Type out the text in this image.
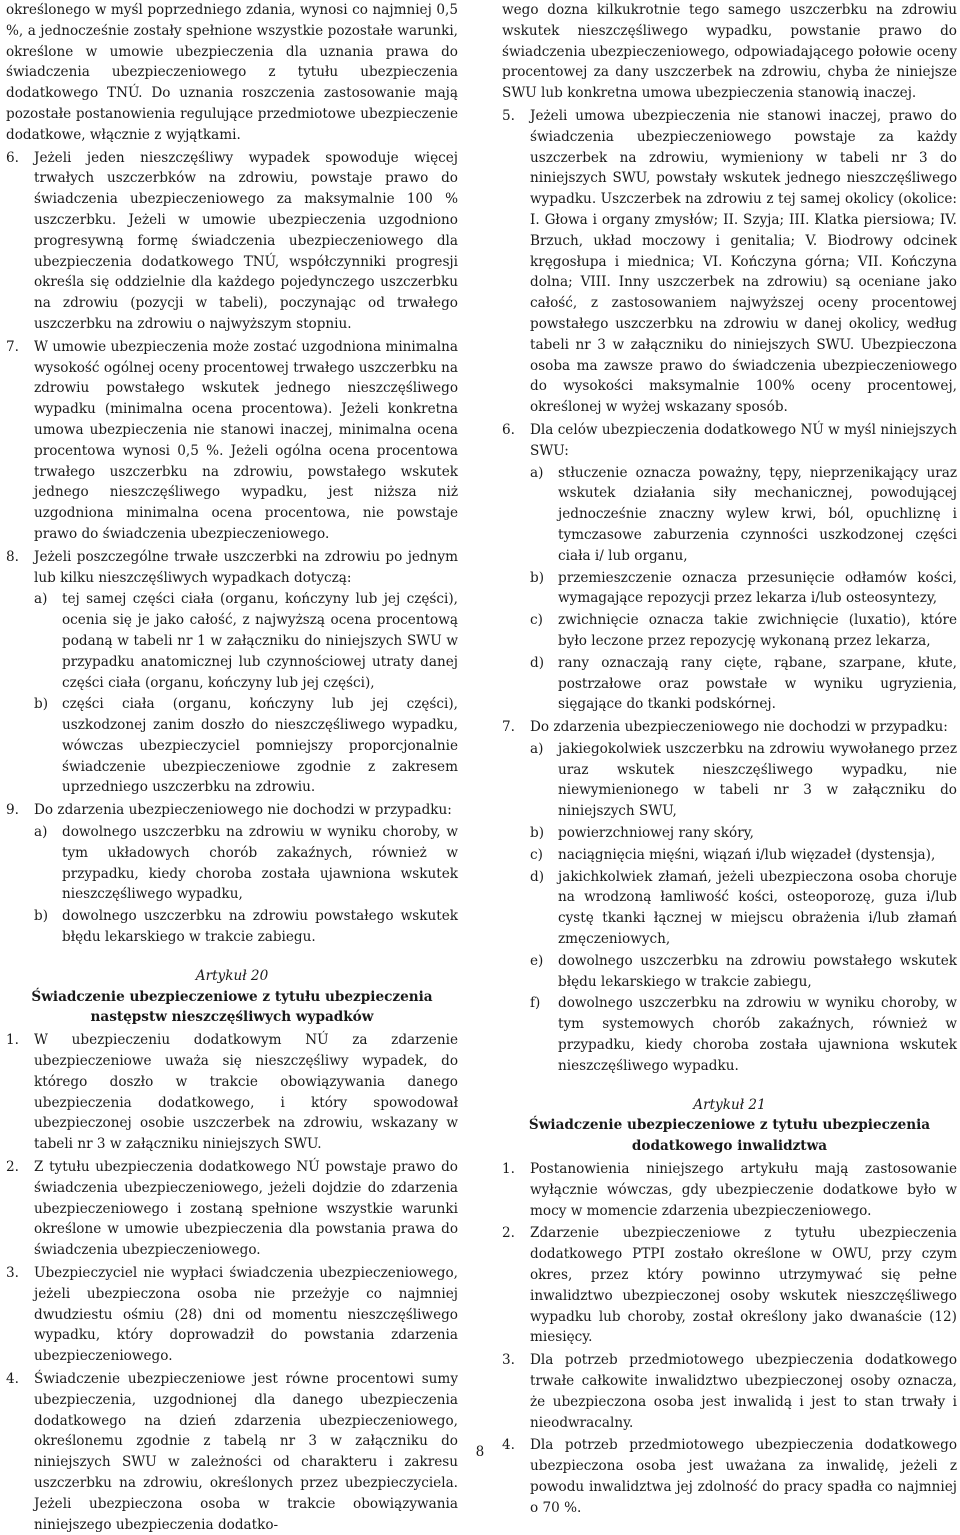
określonego w myśl poprzedniego zdania, wynosi co najmniej 0,5 %, a jednocześnie zostały spełnione wszystkie pozostałe warunki, określone w umowie ubezpieczenia dla uznania prawa do świadczenia ubezpieczeniowego z tytułu ubezpieczenia dodatkowego TNÚ. Do uznania roszczenia zastosowanie mają pozostałe postanowienia regulujące przedmiotowe ubezpieczenie dodatkowe, włącznie z wyjątkami.

6.	Jeżeli jeden nieszczęśliwy wypadek spowoduje więcej trwałych uszczerbków na zdrowiu, powstaje prawo do świadczenia ubezpieczeniowego za maksymalnie 100 % uszczerbku. Jeżeli w umowie ubezpieczenia uzgodniono progresywną formę świadczenia ubezpieczeniowego dla ubezpieczenia dodatkowego TNÚ, współczynniki progresji określa się oddzielnie dla każdego pojedynczego uszczerbku na zdrowiu (pozycji w tabeli), poczynając od trwałego uszczerbku na zdrowiu o najwyższym stopniu.
7.	W umowie ubezpieczenia może zostać uzgodniona minimalna wysokość ogólnej oceny procentowej trwałego uszczerbku na zdrowiu powstałego wskutek jednego nieszczęśliwego wypadku (minimalna ocena procentowa). Jeżeli konkretna umowa ubezpieczenia nie stanowi inaczej, minimalna ocena procentowa wynosi 0,5 %. Jeżeli ogólna ocena procentowa trwałego uszczerbku na zdrowiu, powstałego wskutek jednego nieszczęśliwego wypadku, jest niższa niż uzgodniona minimalna ocena procentowa, nie powstaje prawo do świadczenia ubezpieczeniowego.
8.	Jeżeli poszczególne trwałe uszczerbki na zdrowiu po jednym lub kilku nieszczęśliwych wypadkach dotyczą:
a)	tej samej części ciała (organu, kończyny lub jej części), ocenia się je jako całość, z najwyższą ocena procentową podaną w tabeli nr 1 w załączniku do niniejszych SWU w przypadku anatomicznej lub czynnościowej utraty danej części ciała (organu, kończyny lub jej części),
b)	części ciała (organu, kończyny lub jej części), uszkodzonej zanim doszło do nieszczęśliwego wypadku, wówczas ubezpieczyciel pomniejszy proporcjonalnie świadczenie ubezpieczeniowe zgodnie z zakresem uprzedniego uszczerbku na zdrowiu.
9.	Do zdarzenia ubezpieczeniowego nie dochodzi w przypadku:
a)	dowolnego uszczerbku na zdrowiu w wyniku choroby, w tym układowych chorób zakaźnych, również w przypadku, kiedy choroba została ujawniona wskutek nieszczęśliwego wypadku,
b)	dowolnego uszczerbku na zdrowiu powstałego wskutek błędu lekarskiego w trakcie zabiegu.
Artykuł 20
Świadczenie ubezpieczeniowe z tytułu ubezpieczenia następstw nieszczęśliwych wypadków
1.	W ubezpieczeniu dodatkowym NÚ za zdarzenie ubezpieczeniowe uważa się nieszczęśliwy wypadek, do którego doszło w trakcie obowiązywania danego ubezpieczenia dodatkowego, i który spowodował ubezpieczonej osobie uszczerbek na zdrowiu, wskazany w tabeli nr 3 w załączniku niniejszych SWU.
2.	Z tytułu ubezpieczenia dodatkowego NÚ powstaje prawo do świadczenia ubezpieczeniowego, jeżeli dojdzie do zdarzenia ubezpieczeniowego i zostaną spełnione wszystkie warunki określone w umowie ubezpieczenia dla powstania prawa do świadczenia ubezpieczeniowego.
3.	Ubezpieczyciel nie wypłaci świadczenia ubezpieczeniowego, jeżeli ubezpieczona osoba nie przeżyje co najmniej dwudziestu ośmiu (28) dni od momentu nieszczęśliwego wypadku, który doprowadził do powstania zdarzenia ubezpieczeniowego.
4.	Świadczenie ubezpieczeniowe jest równe procentowi sumy ubezpieczenia, uzgodnionej dla danego ubezpieczenia dodatkowego na dzień zdarzenia ubezpieczeniowego, określonemu zgodnie z tabelą nr 3 w załączniku do niniejszych SWU w zależności od charakteru i zakresu uszczerbku na zdrowiu, określonych przez ubezpieczyciela. Jeżeli ubezpieczona osoba w trakcie obowiązywania niniejszego ubezpieczenia dodatko-

wego dozna kilkukrotnie tego samego uszczerbku na zdrowiu wskutek nieszczęśliwego wypadku, powstanie prawo do świadczenia ubezpieczeniowego, odpowiadającego połowie oceny procentowej za dany uszczerbek na zdrowiu, chyba że niniejsze SWU lub konkretna umowa ubezpieczenia stanowią inaczej.

5.	Jeżeli umowa ubezpieczenia nie stanowi inaczej, prawo do świadczenia ubezpieczeniowego powstaje za każdy uszczerbek na zdrowiu, wymieniony w tabeli nr 3 do niniejszych SWU, powstały wskutek jednego nieszczęśliwego wypadku. Uszczerbek na zdrowiu z tej samej okolicy (okolice: I. Głowa i organy zmysłów; II. Szyja; III. Klatka piersiowa; IV. Brzuch, układ moczowy i genitalia; V. Biodrowy odcinek kręgosłupa i miednica; VI. Kończyna górna; VII. Kończyna dolna; VIII. Inny uszczerbek na zdrowiu) są oceniane jako całość, z zastosowaniem najwyższej oceny procentowej powstałego uszczerbku na zdrowiu w danej okolicy, według tabeli nr 3 w załączniku do niniejszych SWU. Ubezpieczona osoba ma zawsze prawo do świadczenia ubezpieczeniowego do wysokości maksymalnie 100% oceny procentowej, określonej w wyżej wskazany sposób.
6.	Dla celów ubezpieczenia dodatkowego NÚ w myśl niniejszych SWU:
a)	stłuczenie oznacza poważny, tępy, nieprzenikający uraz wskutek działania siły mechanicznej, powodującej jednocześnie znaczny wylew krwi, ból, opuchliznę i tymczasowe zaburzenia czynności uszkodzonej części ciała i/ lub organu,
b)	przemieszczenie oznacza przesunięcie odłamów kości, wymagające repozycji przez lekarza i/lub osteosyntezy,
c)	zwichnięcie oznacza takie zwichnięcie (luxatio), które było leczone przez repozycję wykonaną przez lekarza,
d)	rany oznaczają rany cięte, rąbane, szarpane, kłute, postrzałowe oraz powstałe w wyniku ugryzienia, sięgające do tkanki podskórnej.
7.	Do zdarzenia ubezpieczeniowego nie dochodzi w przypadku:
a)	jakiegokolwiek uszczerbku na zdrowiu wywołanego przez uraz wskutek nieszczęśliwego wypadku, nie niewymienionego w tabeli nr 3 w załączniku do niniejszych SWU,
b)	powierzchniowej rany skóry,
c)	naciągnięcia mięśni, wiązań i/lub więzadeł (dystensja),
d)	jakichkolwiek złamań, jeżeli ubezpieczona osoba choruje na wrodzoną łamliwość kości, osteoporozę, guza i/lub cystę tkanki łącznej w miejscu obrażenia i/lub złamań zmęczeniowych,
e)	dowolnego uszczerbku na zdrowiu powstałego wskutek błędu lekarskiego w trakcie zabiegu,
f)	dowolnego uszczerbku na zdrowiu w wyniku choroby, w tym systemowych chorób zakaźnych, również w przypadku, kiedy choroba została ujawniona wskutek nieszczęśliwego wypadku.
Artykuł 21
Świadczenie ubezpieczeniowe z tytułu ubezpieczenia dodatkowego inwalidztwa
1.	Postanowienia niniejszego artykułu mają zastosowanie wyłącznie wówczas, gdy ubezpieczenie dodatkowe było w mocy w momencie zdarzenia ubezpieczeniowego.
2.	Zdarzenie ubezpieczeniowe z tytułu ubezpieczenia dodatkowego PTPI zostało określone w OWU, przy czym okres, przez który powinno utrzymywać się pełne inwalidztwo ubezpieczonej osoby wskutek nieszczęśliwego wypadku lub choroby, został określony jako dwanaście (12) miesięcy.
3.	Dla potrzeb przedmiotowego ubezpieczenia dodatkowego trwałe całkowite inwalidztwo ubezpieczonej osoby oznacza, że ubezpieczona osoba jest inwalidą i jest to stan trwały i nieodwracalny.
4.	Dla potrzeb przedmiotowego ubezpieczenia dodatkowego ubezpieczona osoba jest uważana za inwalidę, jeżeli z powodu inwalidztwa jej zdolność do pracy spadła co najmniej o 70 %.
8
